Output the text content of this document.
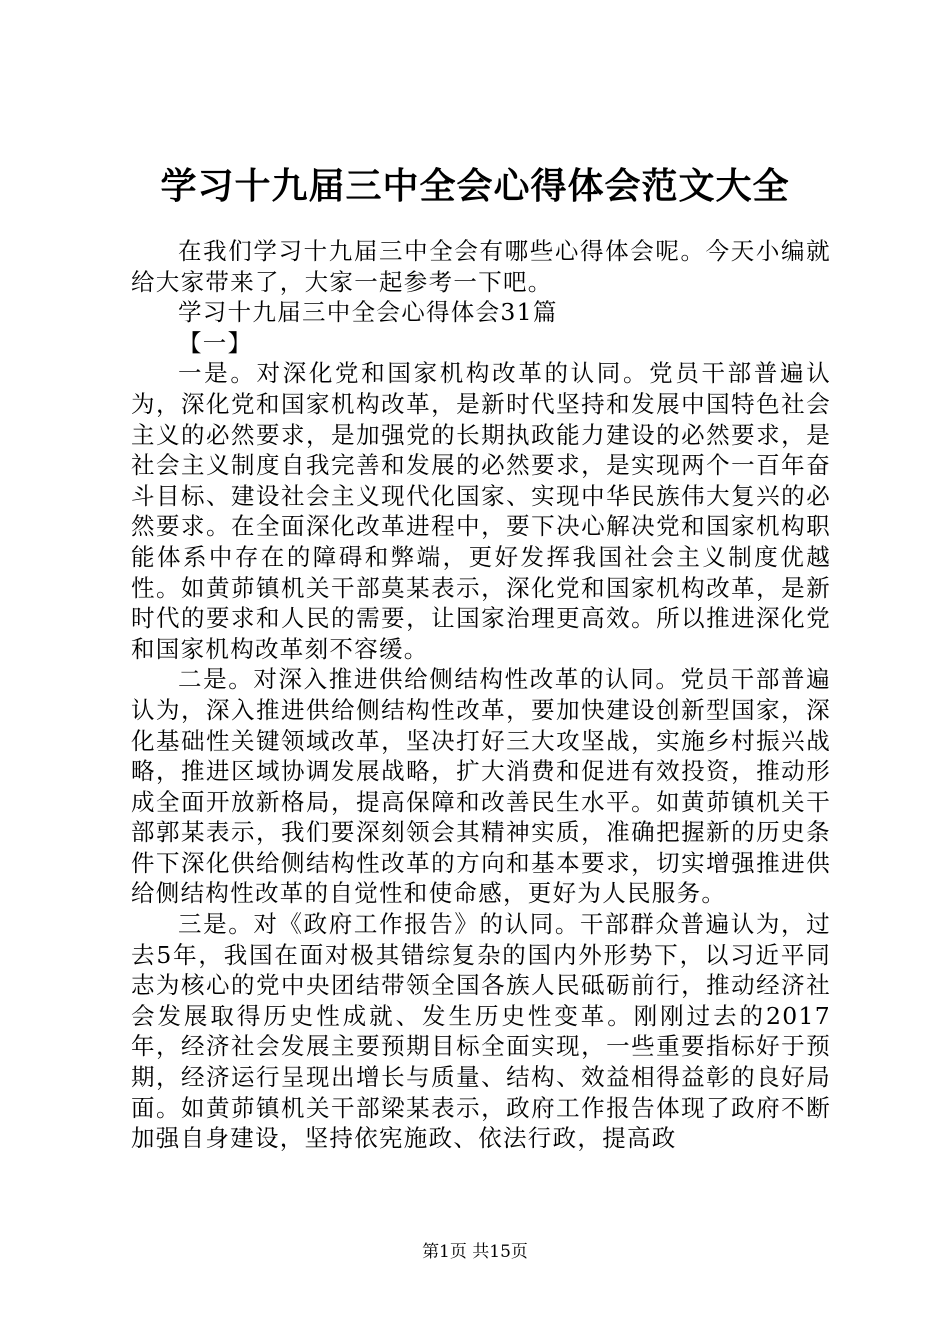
学习十九届三中全会心得体会范文大全

在我们学习十九届三中全会有哪些心得体会呢。今天小编就给大家带来了，大家一起参考一下吧。

学习十九届三中全会心得体会31篇

【一】

一是。对深化党和国家机构改革的认同。党员干部普遍认为，深化党和国家机构改革，是新时代坚持和发展中国特色社会主义的必然要求，是加强党的长期执政能力建设的必然要求，是社会主义制度自我完善和发展的必然要求，是实现两个一百年奋斗目标、建设社会主义现代化国家、实现中华民族伟大复兴的必然要求。在全面深化改革进程中，要下决心解决党和国家机构职能体系中存在的障碍和弊端，更好发挥我国社会主义制度优越性。如黄茆镇机关干部莫某表示，深化党和国家机构改革，是新时代的要求和人民的需要，让国家治理更高效。所以推进深化党和国家机构改革刻不容缓。

二是。对深入推进供给侧结构性改革的认同。党员干部普遍认为，深入推进供给侧结构性改革，要加快建设创新型国家，深化基础性关键领域改革，坚决打好三大攻坚战，实施乡村振兴战略，推进区域协调发展战略，扩大消费和促进有效投资，推动形成全面开放新格局，提高保障和改善民生水平。如黄茆镇机关干部郭某表示，我们要深刻领会其精神实质，准确把握新的历史条件下深化供给侧结构性改革的方向和基本要求，切实增强推进供给侧结构性改革的自觉性和使命感，更好为人民服务。

三是。对《政府工作报告》的认同。干部群众普遍认为，过去5年，我国在面对极其错综复杂的国内外形势下，以习近平同志为核心的党中央团结带领全国各族人民砥砺前行，推动经济社会发展取得历史性成就、发生历史性变革。刚刚过去的2017年，经济社会发展主要预期目标全面实现，一些重要指标好于预期，经济运行呈现出增长与质量、结构、效益相得益彰的良好局面。如黄茆镇机关干部梁某表示，政府工作报告体现了政府不断加强自身建设，坚持依宪施政、依法行政，提高政

第1页 共15页
